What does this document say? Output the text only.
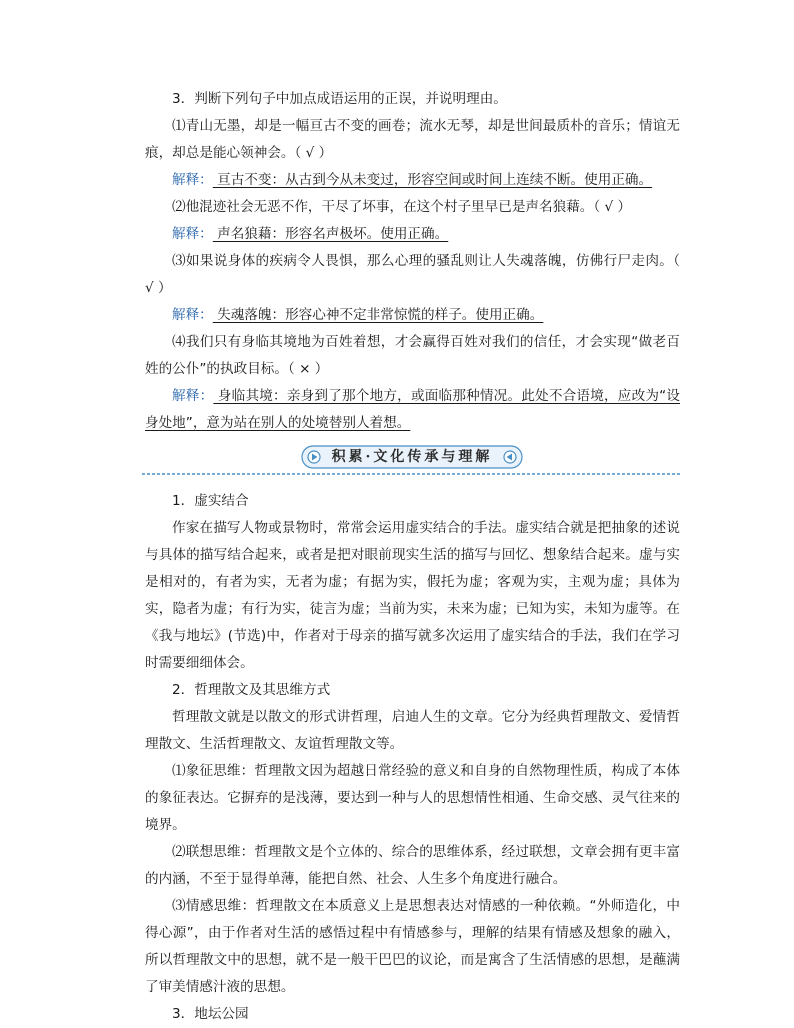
3．判断下列句子中加点成语运用的正误，并说明理由。

⑴青山无墨，却是一幅亘古不变的画卷；流水无琴，却是世间最质朴的音乐；情谊无痕，却总是能心领神会。（ √ ）

解释： 亘古不变：从古到今从未变过，形容空间或时间上连续不断。使用正确。

⑵他混迹社会无恶不作，干尽了坏事，在这个村子里早已是声名狼藉。（ √ ）

解释： 声名狼藉：形容名声极坏。使用正确。

⑶如果说身体的疾病令人畏惧，那么心理的骚乱则让人失魂落魄，仿佛行尸走肉。（ √ ）

解释： 失魂落魄：形容心神不定非常惊慌的样子。使用正确。

⑷我们只有身临其境地为百姓着想，才会赢得百姓对我们的信任，才会实现“做老百姓的公仆”的执政目标。（ × ）

解释： 身临其境：亲身到了那个地方，或面临那种情况。此处不合语境，应改为“设身处地”，意为站在别人的处境替别人着想。

积累·文化传承与理解

1．虚实结合

作家在描写人物或景物时，常常会运用虚实结合的手法。虚实结合就是把抽象的述说与具体的描写结合起来，或者是把对眼前现实生活的描写与回忆、想象结合起来。虚与实是相对的，有者为实，无者为虚；有据为实，假托为虚；客观为实，主观为虚；具体为实，隐者为虚；有行为实，徒言为虚；当前为实，未来为虚；已知为实，未知为虚等。在《我与地坛》(节选)中，作者对于母亲的描写就多次运用了虚实结合的手法，我们在学习时需要细细体会。

2．哲理散文及其思维方式

哲理散文就是以散文的形式讲哲理，启迪人生的文章。它分为经典哲理散文、爱情哲理散文、生活哲理散文、友谊哲理散文等。

⑴象征思维：哲理散文因为超越日常经验的意义和自身的自然物理性质，构成了本体的象征表达。它摒弃的是浅薄，要达到一种与人的思想情性相通、生命交感、灵气往来的境界。

⑵联想思维：哲理散文是个立体的、综合的思维体系，经过联想，文章会拥有更丰富的内涵，不至于显得单薄，能把自然、社会、人生多个角度进行融合。

⑶情感思维：哲理散文在本质意义上是思想表达对情感的一种依赖。“外师造化，中得心源”，由于作者对生活的感悟过程中有情感参与，理解的结果有情感及想象的融入，所以哲理散文中的思想，就不是一般干巴巴的议论，而是寓含了生活情感的思想，是蘸满了审美情感汁液的思想。

3．地坛公园
